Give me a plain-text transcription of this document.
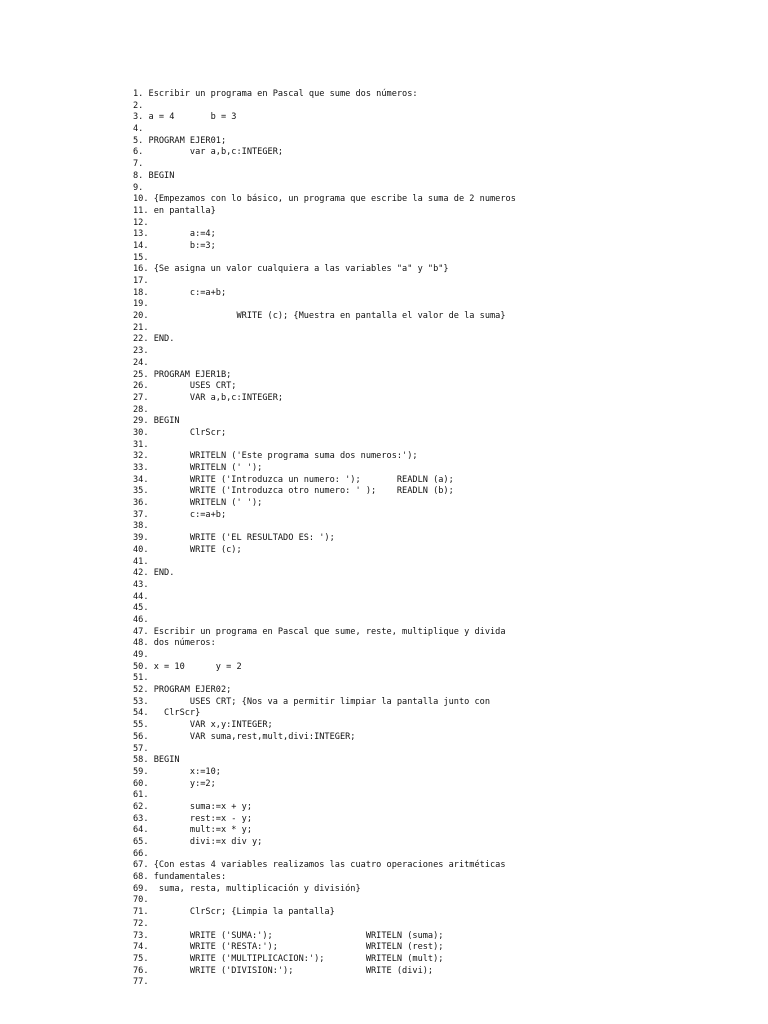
1. Escribir un programa en Pascal que sume dos números:
2.
3. a = 4       b = 3
4.
5. PROGRAM EJER01;
6.         var a,b,c:INTEGER;
7.
8. BEGIN
9.
10. {Empezamos con lo básico, un programa que escribe la suma de 2 numeros
11. en pantalla}
12.
13.        a:=4;
14.        b:=3;
15.
16. {Se asigna un valor cualquiera a las variables "a" y "b"}
17.
18.        c:=a+b;
19.
20.                 WRITE (c); {Muestra en pantalla el valor de la suma}
21.
22. END.
23.
24.
25. PROGRAM EJER1B;
26.        USES CRT;
27.        VAR a,b,c:INTEGER;
28.
29. BEGIN
30.        ClrScr;
31.
32.        WRITELN ('Este programa suma dos numeros:');
33.        WRITELN (' ');
34.        WRITE ('Introduzca un numero: ');       READLN (a);
35.        WRITE ('Introduzca otro numero: ' );    READLN (b);
36.        WRITELN (' ');
37.        c:=a+b;
38.
39.        WRITE ('EL RESULTADO ES: ');
40.        WRITE (c);
41.
42. END.
43.
44.
45.
46.
47. Escribir un programa en Pascal que sume, reste, multiplique y divida
48. dos números:
49.
50. x = 10      y = 2
51.
52. PROGRAM EJER02;
53.        USES CRT; {Nos va a permitir limpiar la pantalla junto con
54.   ClrScr}
55.        VAR x,y:INTEGER;
56.        VAR suma,rest,mult,divi:INTEGER;
57.
58. BEGIN
59.        x:=10;
60.        y:=2;
61.
62.        suma:=x + y;
63.        rest:=x - y;
64.        mult:=x * y;
65.        divi:=x div y;
66.
67. {Con estas 4 variables realizamos las cuatro operaciones aritméticas
68. fundamentales:
69.  suma, resta, multiplicación y división}
70.
71.        ClrScr; {Limpia la pantalla}
72.
73.        WRITE ('SUMA:');                  WRITELN (suma);
74.        WRITE ('RESTA:');                 WRITELN (rest);
75.        WRITE ('MULTIPLICACION:');        WRITELN (mult);
76.        WRITE ('DIVISION:');              WRITE (divi);
77.
